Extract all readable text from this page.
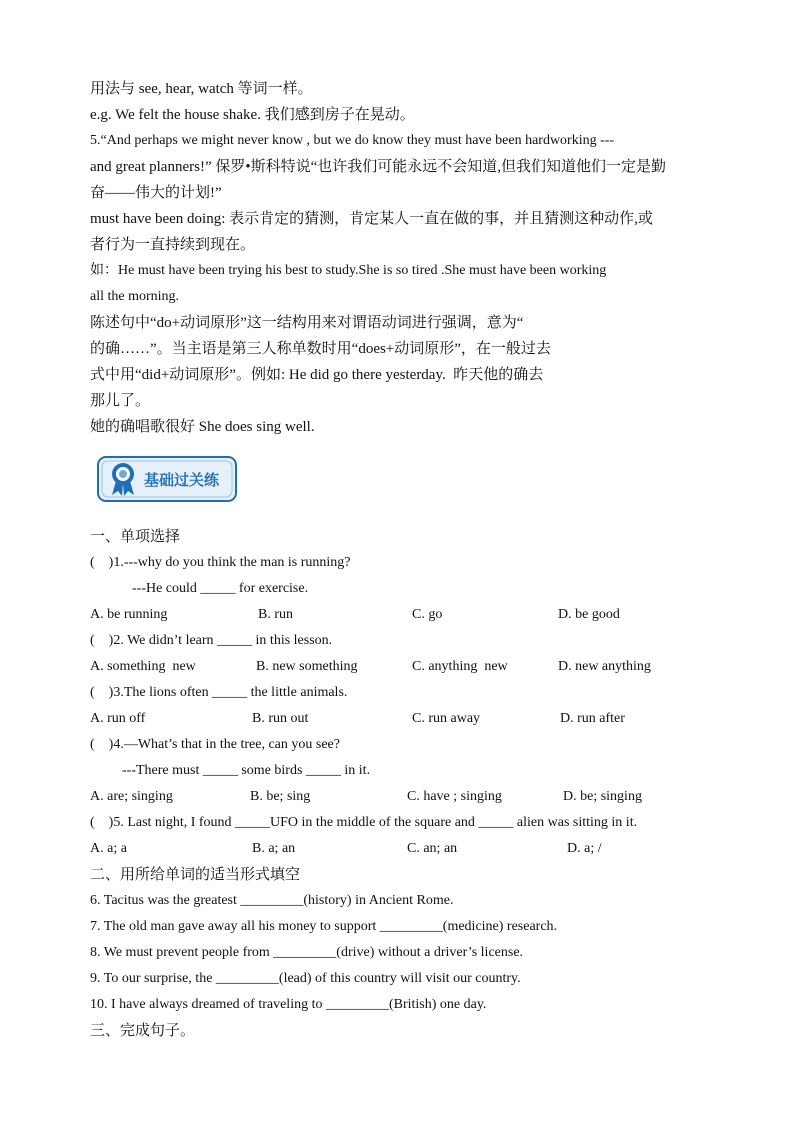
用法与 see, hear, watch 等词一样。
e.g. We felt the house shake. 我们感到房子在晃动。
5.“And perhaps we might never know , but we do know they must have been hardworking ---
and great planners!” 保罗•斯科特说“也许我们可能永远不会知道,但我们知道他们一定是勤
奋——伟大的计划!”
must have been doing: 表示肯定的猜测，肯定某人一直在做的事，并且猜测这种动作,或
者行为一直持续到现在。
如：He must have been trying his best to study.She is so tired .She must have been working
all the morning.
陈述句中“do+动词原形”这一结构用来对谓语动词进行强调，意为“
的确……”。当主语是第三人称单数时用“does+动词原形”，在一般过去
式中用“did+动词原形”。例如: He did go there yesterday.  昨天他的确去
那儿了。
她的确唱歌很好 She does sing well.
基础过关练
一、单项选择
(    )1.---why do you think the man is running?
---He could _____ for exercise.
A. be running	B. run	C. go	D. be good
(    )2. We didn’t learn _____ in this lesson.
A. something  new	B. new something	C. anything  new	D. new anything
(    )3.The lions often _____ the little animals.
A. run off	B. run out	C. run away	D. run after
(    )4.—What’s that in the tree, can you see?
---There must _____ some birds _____ in it.
A. are; singing	B. be; sing	C. have ; singing	D. be; singing
(    )5. Last night, I found _____UFO in the middle of the square and _____ alien was sitting in it.
A. a; a	B. a; an	C. an; an	D. a; /
二、用所给单词的适当形式填空
6. Tacitus was the greatest _________(history) in Ancient Rome.
7. The old man gave away all his money to support _________(medicine) research.
8. We must prevent people from _________(drive) without a driver’s license.
9. To our surprise, the _________(lead) of this country will visit our country.
10. I have always dreamed of traveling to _________(British) one day.
三、完成句子。
